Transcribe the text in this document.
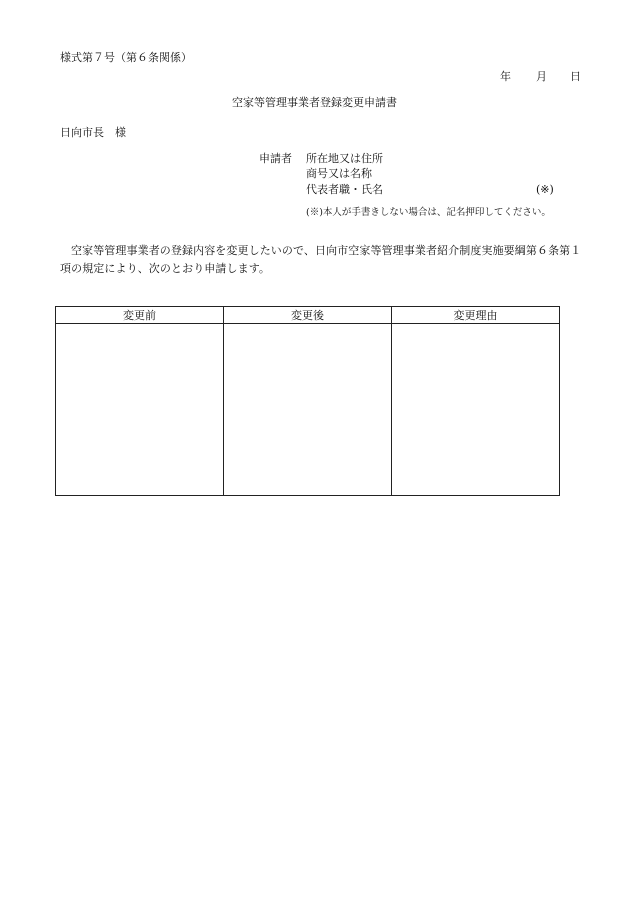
様式第７号（第６条関係）
年 月 日
空家等管理事業者登録変更申請書
日向市長　様
申請者 所在地又は住所
商号又は名称
代表者職・氏名	(※)
(※)本人が手書きしない場合は、記名押印してください。
空家等管理事業者の登録内容を変更したいので、日向市空家等管理事業者紹介制度実施要綱第６条第１項の規定により、次のとおり申請します。
変更前	変更後	変更理由
